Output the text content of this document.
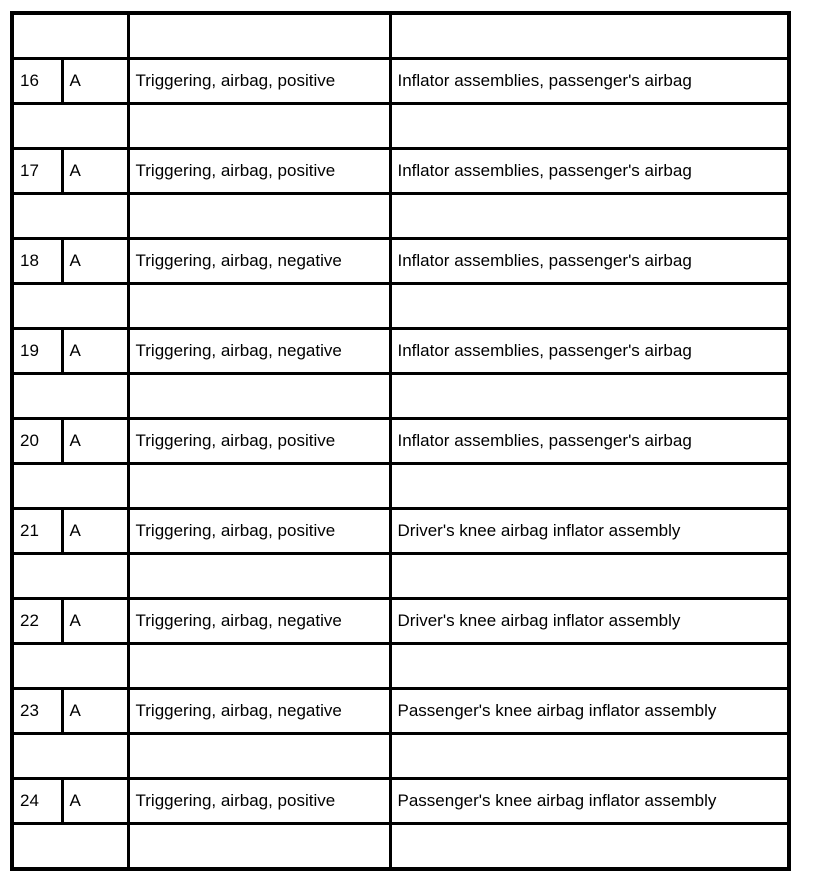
16	A	Triggering, airbag, positive	Inflator assemblies, passenger's airbag

17	A	Triggering, airbag, positive	Inflator assemblies, passenger's airbag

18	A	Triggering, airbag, negative	Inflator assemblies, passenger's airbag

19	A	Triggering, airbag, negative	Inflator assemblies, passenger's airbag

20	A	Triggering, airbag, positive	Inflator assemblies, passenger's airbag

21	A	Triggering, airbag, positive	Driver's knee airbag inflator assembly

22	A	Triggering, airbag, negative	Driver's knee airbag inflator assembly

23	A	Triggering, airbag, negative	Passenger's knee airbag inflator assembly

24	A	Triggering, airbag, positive	Passenger's knee airbag inflator assembly
